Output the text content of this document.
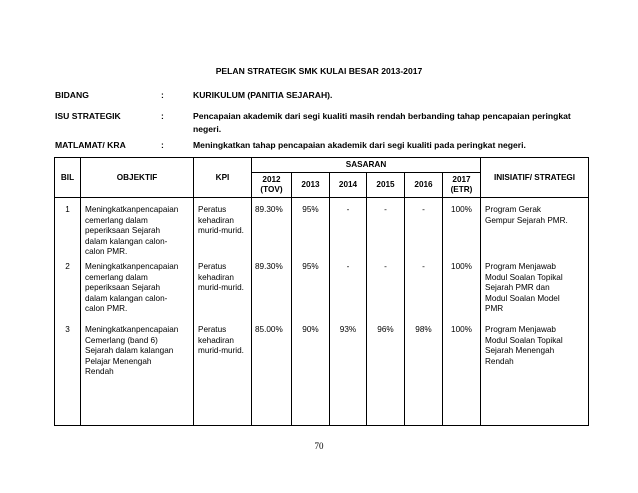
PELAN STRATEGIK SMK KULAI BESAR 2013-2017
BIDANG	:	KURIKULUM (PANITIA SEJARAH).
ISU STRATEGIK	:	Pencapaian akademik dari segi kualiti masih rendah berbanding tahap pencapaian peringkat
negeri.
MATLAMAT/ KRA	:	Meningkatkan tahap pencapaian akademik dari segi kualiti pada peringkat negeri.
BIL	OBJEKTIF	KPI	SASARAN						INISIATIF/ STRATEGI

			2012
(TOV)	2013	2014	2015	2016	2017
(ETR)	

1	Meningkatkanpencapaian
cemerlang dalam
peperiksaan Sejarah
dalam kalangan calon-
calon PMR.	Peratus
kehadiran
murid-murid.	89.30%	95%	-	-	-	100%	Program Gerak
Gempur Sejarah PMR.

2	Meningkatkanpencapaian
cemerlang dalam
peperiksaan Sejarah
dalam kalangan calon-
calon PMR.	Peratus
kehadiran
murid-murid.	89.30%	95%	-	-	-	100%	Program Menjawab
Modul Soalan Topikal
Sejarah PMR dan
Modul Soalan Model
PMR

3	Meningkatkanpencapaian
Cemerlang (band 6)
Sejarah dalam kalangan
Pelajar Menengah
Rendah	Peratus
kehadiran
murid-murid.	85.00%	90%	93%	96%	98%	100%	Program Menjawab
Modul Soalan Topikal
Sejarah Menengah
Rendah
70
